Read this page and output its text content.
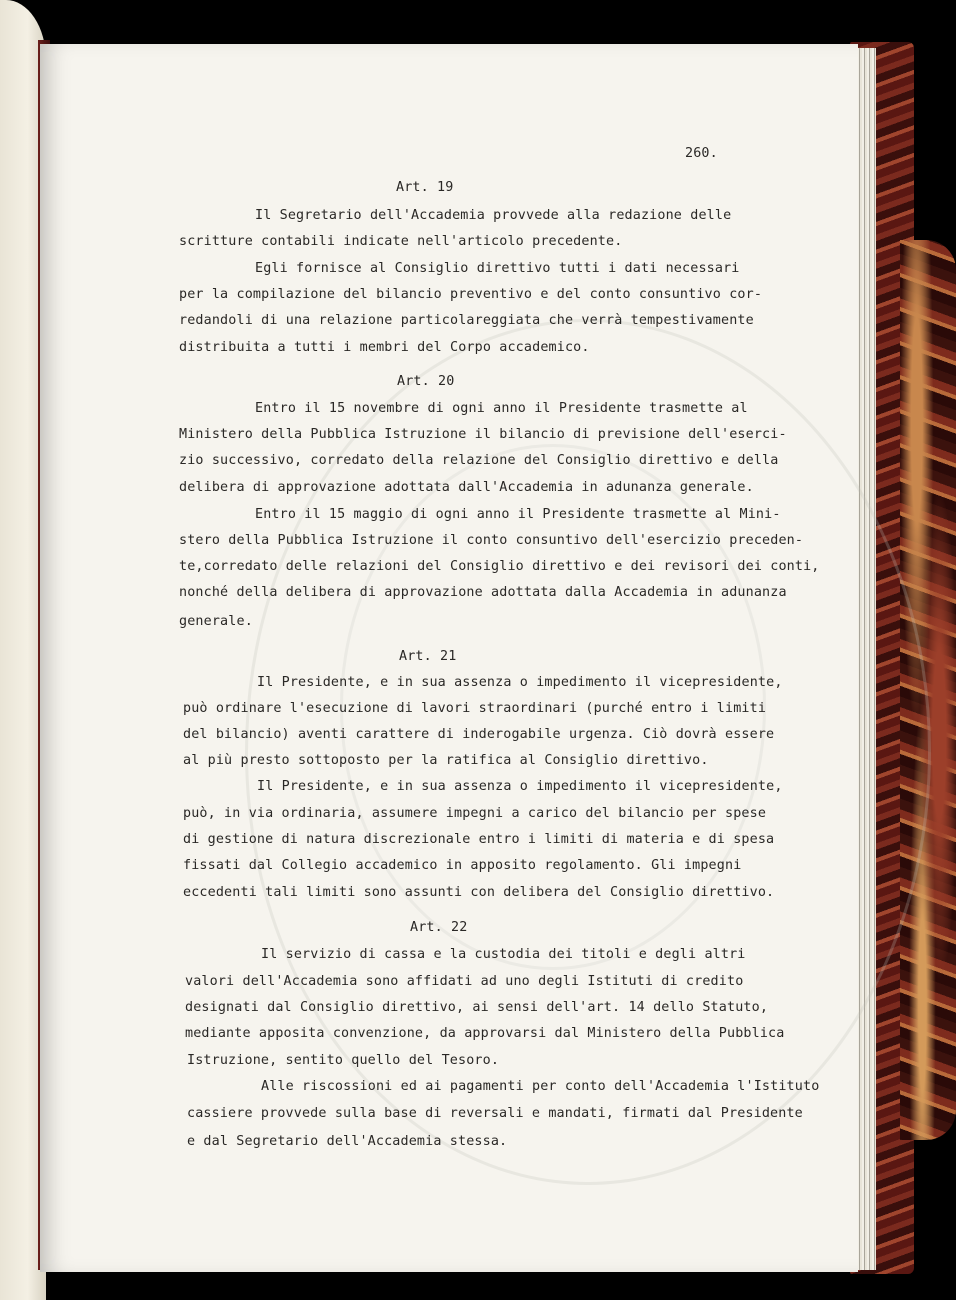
260.
Art. 19
Il Segretario dell'Accademia provvede alla redazione delle
scritture contabili indicate nell'articolo precedente.
Egli fornisce al Consiglio direttivo tutti i dati necessari
per la compilazione del bilancio preventivo e del conto consuntivo cor-
redandoli di una relazione particolareggiata che verrà tempestivamente
distribuita a tutti i membri del Corpo accademico.
Art. 20
Entro il 15 novembre di ogni anno il Presidente trasmette al
Ministero della Pubblica Istruzione il bilancio di previsione dell'eserci-
zio successivo, corredato della relazione del Consiglio direttivo e della
delibera di approvazione adottata dall'Accademia in adunanza generale.
Entro il 15 maggio di ogni anno il Presidente trasmette al Mini-
stero della Pubblica Istruzione il conto consuntivo dell'esercizio preceden-
te,corredato delle relazioni del Consiglio direttivo e dei revisori dei conti,
nonché della delibera di approvazione adottata dalla Accademia in adunanza
generale.
Art. 21
Il Presidente, e in sua assenza o impedimento il vicepresidente,
può ordinare l'esecuzione di lavori straordinari (purché entro i limiti
del bilancio) aventi carattere di inderogabile urgenza. Ciò dovrà essere
al più presto sottoposto per la ratifica al Consiglio direttivo.
Il Presidente, e in sua assenza o impedimento il vicepresidente,
può, in via ordinaria, assumere impegni a carico del bilancio per spese
di gestione di natura discrezionale entro i limiti di materia e di spesa
fissati dal Collegio accademico in apposito regolamento. Gli impegni
eccedenti tali limiti sono assunti con delibera del Consiglio direttivo.
Art. 22
Il servizio di cassa e la custodia dei titoli e degli altri
valori dell'Accademia sono affidati ad uno degli Istituti di credito
designati dal Consiglio direttivo, ai sensi dell'art. 14 dello Statuto,
mediante apposita convenzione, da approvarsi dal Ministero della Pubblica
Istruzione, sentito quello del Tesoro.
Alle riscossioni ed ai pagamenti per conto dell'Accademia l'Istituto
cassiere provvede sulla base di reversali e mandati, firmati dal Presidente
e dal Segretario dell'Accademia stessa.
